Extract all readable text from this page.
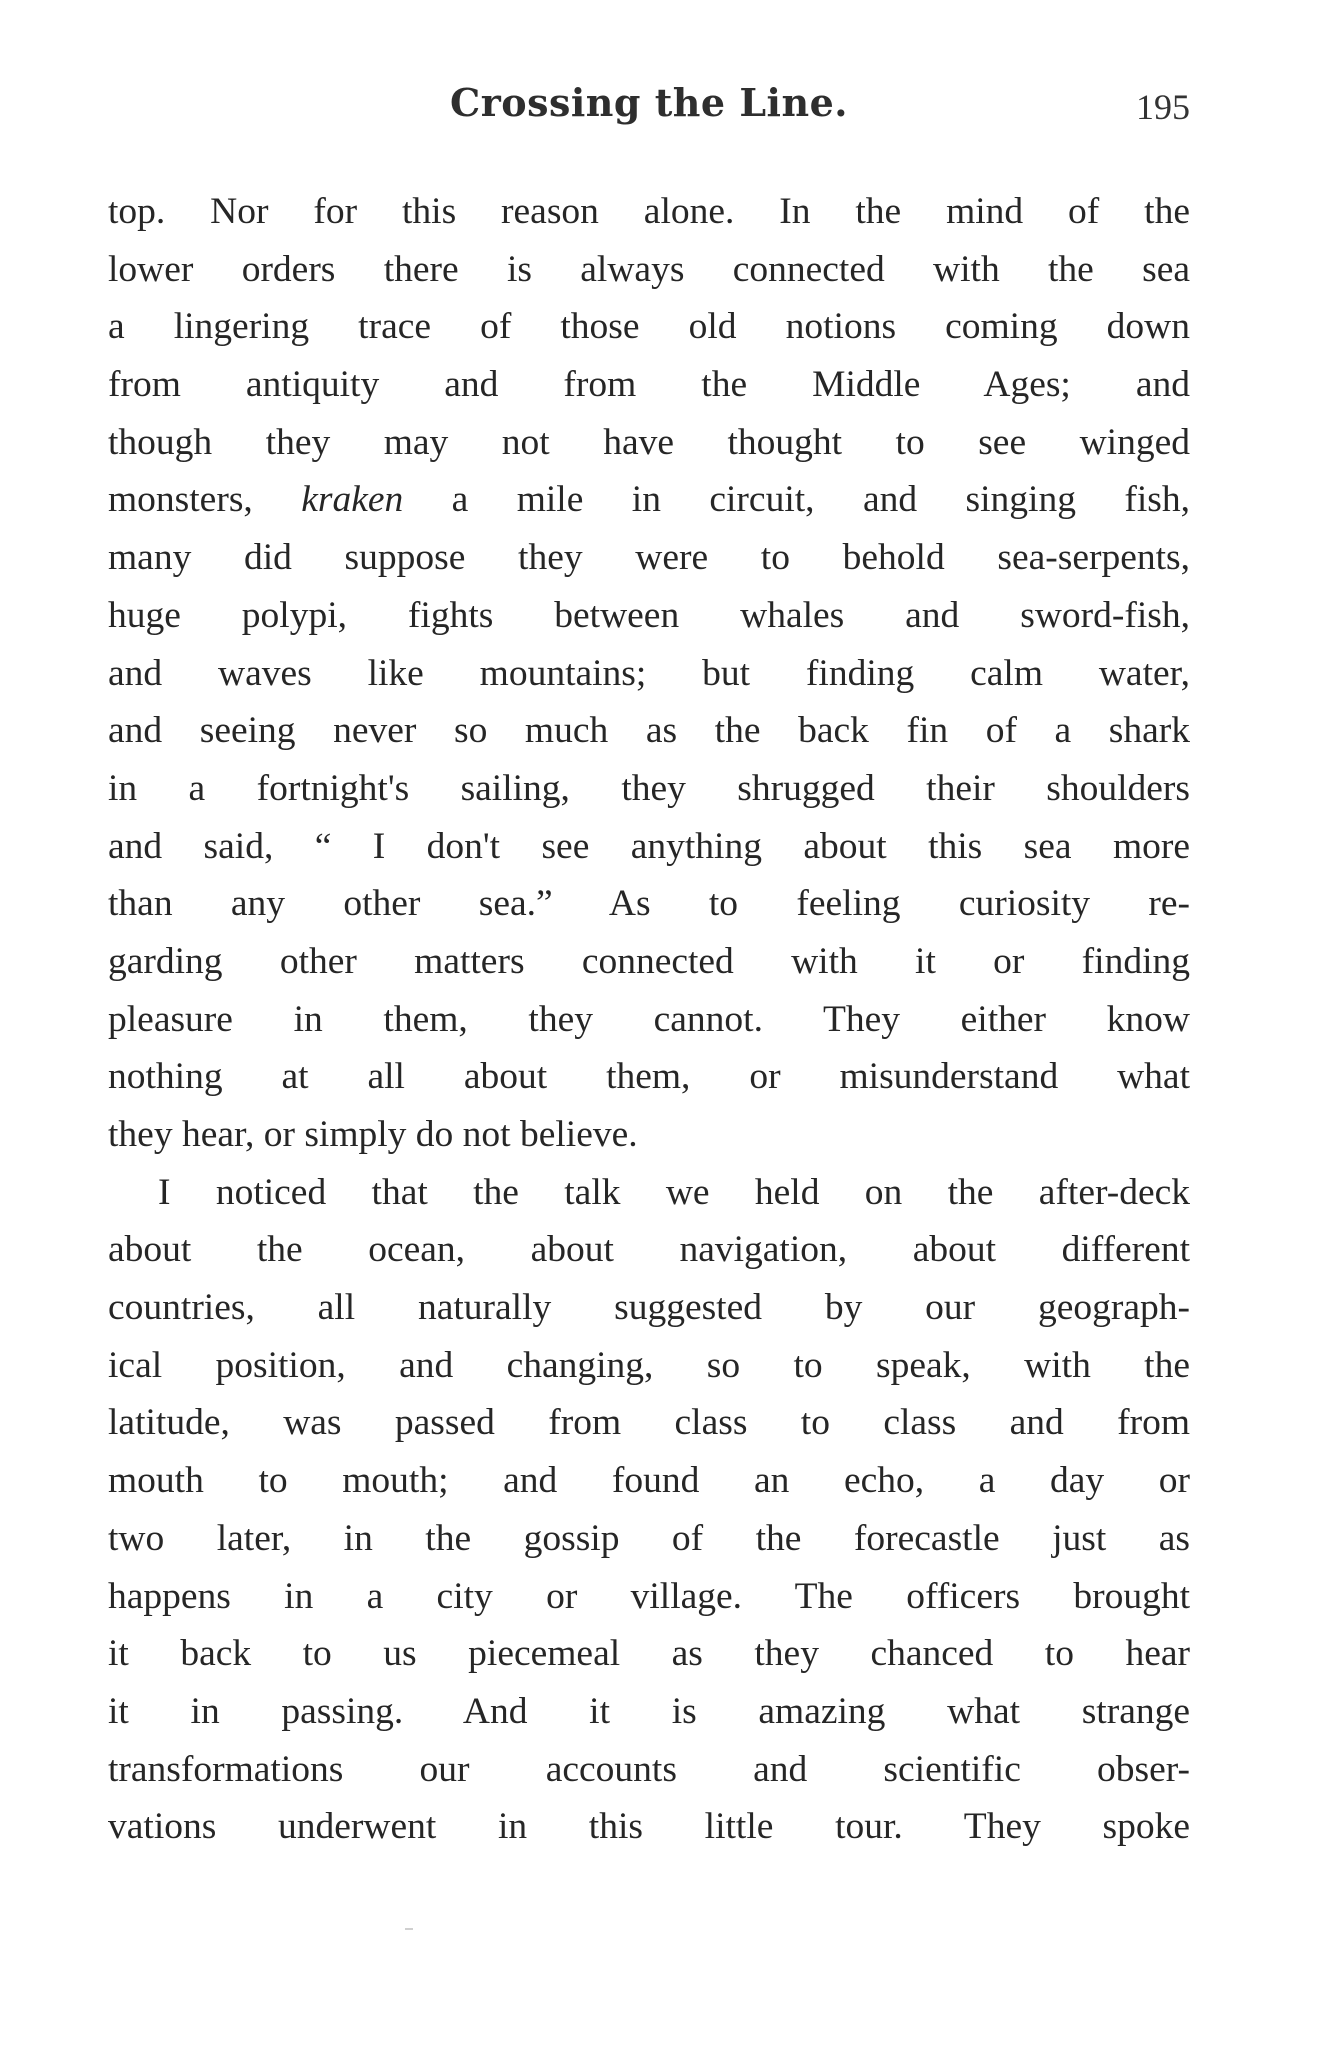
Crossing the Line.	195
top. Nor for this reason alone. In the mind of the
lower orders there is always connected with the sea
a lingering trace of those old notions coming down
from antiquity and from the Middle Ages; and
though they may not have thought to see winged
monsters, kraken a mile in circuit, and singing fish,
many did suppose they were to behold sea-serpents,
huge polypi, fights between whales and sword-fish,
and waves like mountains; but finding calm water,
and seeing never so much as the back fin of a shark
in a fortnight's sailing, they shrugged their shoulders
and said, “ I don't see anything about this sea more
than any other sea.” As to feeling curiosity re-
garding other matters connected with it or finding
pleasure in them, they cannot. They either know
nothing at all about them, or misunderstand what
they hear, or simply do not believe.
I noticed that the talk we held on the after-deck
about the ocean, about navigation, about different
countries, all naturally suggested by our geograph-
ical position, and changing, so to speak, with the
latitude, was passed from class to class and from
mouth to mouth; and found an echo, a day or
two later, in the gossip of the forecastle just as
happens in a city or village. The officers brought
it back to us piecemeal as they chanced to hear
it in passing. And it is amazing what strange
transformations our accounts and scientific obser-
vations underwent in this little tour. They spoke
